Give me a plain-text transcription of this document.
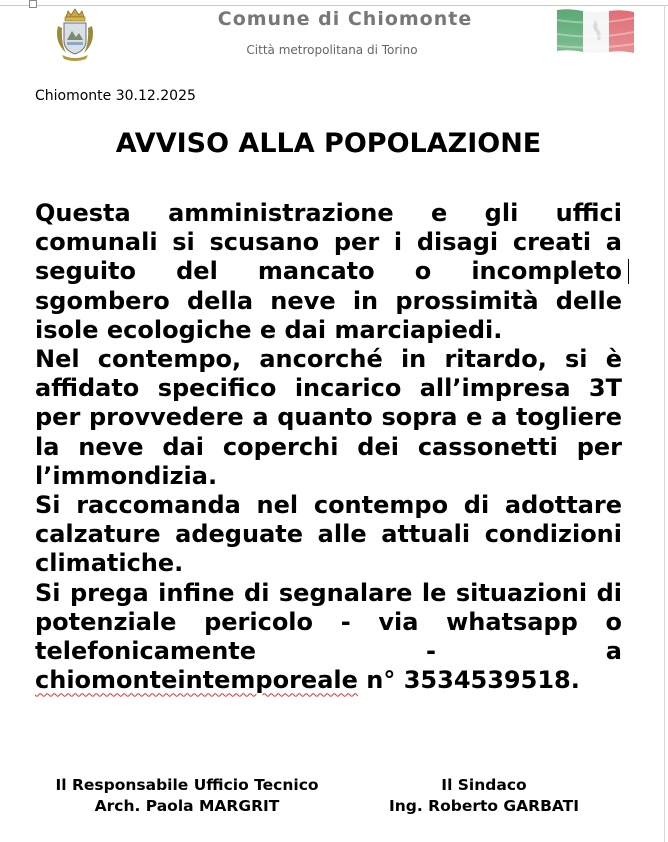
Comune di Chiomonte
Città metropolitana di Torino
Chiomonte 30.12.2025
AVVISO ALLA POPOLAZIONE
Questa amministrazione e gli uffici comunali si scusano per i disagi creati a seguito del mancato o incompleto sgombero della neve in prossimità delle isole ecologiche e dai marciapiedi.
Nel contempo, ancorché in ritardo, si è affidato specifico incarico all’impresa 3T per provvedere a quanto sopra e a togliere la neve dai coperchi dei cassonetti per l’immondizia.
Si raccomanda nel contempo di adottare calzature adeguate alle attuali condizioni climatiche.
Si prega infine di segnalare le situazioni di potenziale pericolo - via whatsapp o telefonicamente - a
chiomonteintemporeale n° 3534539518.
Il Responsabile Ufficio Tecnico
Arch. Paola MARGRIT
Il Sindaco
Ing. Roberto GARBATI
